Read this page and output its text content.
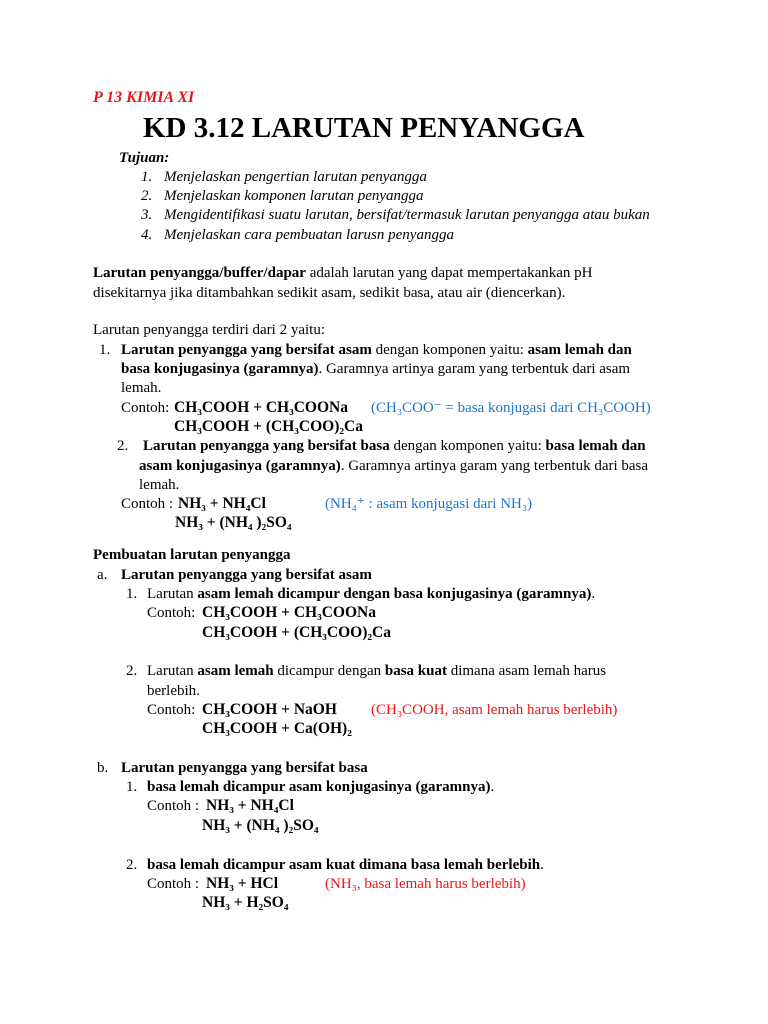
P 13 KIMIA XI
KD 3.12 LARUTAN PENYANGGA
Tujuan:
1. Menjelaskan pengertian larutan penyangga
2. Menjelaskan komponen larutan penyangga
3. Mengidentifikasi suatu larutan, bersifat/termasuk larutan penyangga atau bukan
4. Menjelaskan cara pembuatan larusn penyangga
Larutan penyangga/buffer/dapar adalah larutan yang dapat mempertakankan pH
disekitarnya jika ditambahkan sedikit asam, sedikit basa, atau air (diencerkan).
Larutan penyangga terdiri dari 2 yaitu:
1. Larutan penyangga yang bersifat asam dengan komponen yaitu: asam lemah dan
basa konjugasinya (garamnya). Garamnya artinya garam yang terbentuk dari asam
lemah.
Contoh: CH₃COOH + CH₃COONa (CH₃COO⁻ = basa konjugasi dari CH₃COOH)
CH₃COOH + (CH₃COO)₂Ca
2. Larutan penyangga yang bersifat basa dengan komponen yaitu: basa lemah dan
asam konjugasinya (garamnya). Garamnya artinya garam yang terbentuk dari basa
lemah.
Contoh : NH₃ + NH₄Cl	(NH₄⁺ : asam konjugasi dari NH₃)
NH₃ + (NH₄ )₂SO₄
Pembuatan larutan penyangga
a. Larutan penyangga yang bersifat asam
1. Larutan asam lemah dicampur dengan basa konjugasinya (garamnya).
Contoh: CH₃COOH + CH₃COONa
CH₃COOH + (CH₃COO)₂Ca
2. Larutan asam lemah dicampur dengan basa kuat dimana asam lemah harus
berlebih.
Contoh: CH₃COOH + NaOH (CH₃COOH, asam lemah harus berlebih)
CH₃COOH + Ca(OH)₂
b. Larutan penyangga yang bersifat basa
1. basa lemah dicampur asam konjugasinya (garamnya).
Contoh : NH₃ + NH₄Cl
NH₃ + (NH₄ )₂SO₄
2. basa lemah dicampur asam kuat dimana basa lemah berlebih.
Contoh : NH₃ + HCl	(NH₃, basa lemah harus berlebih)
NH₃ + H₂SO₄
